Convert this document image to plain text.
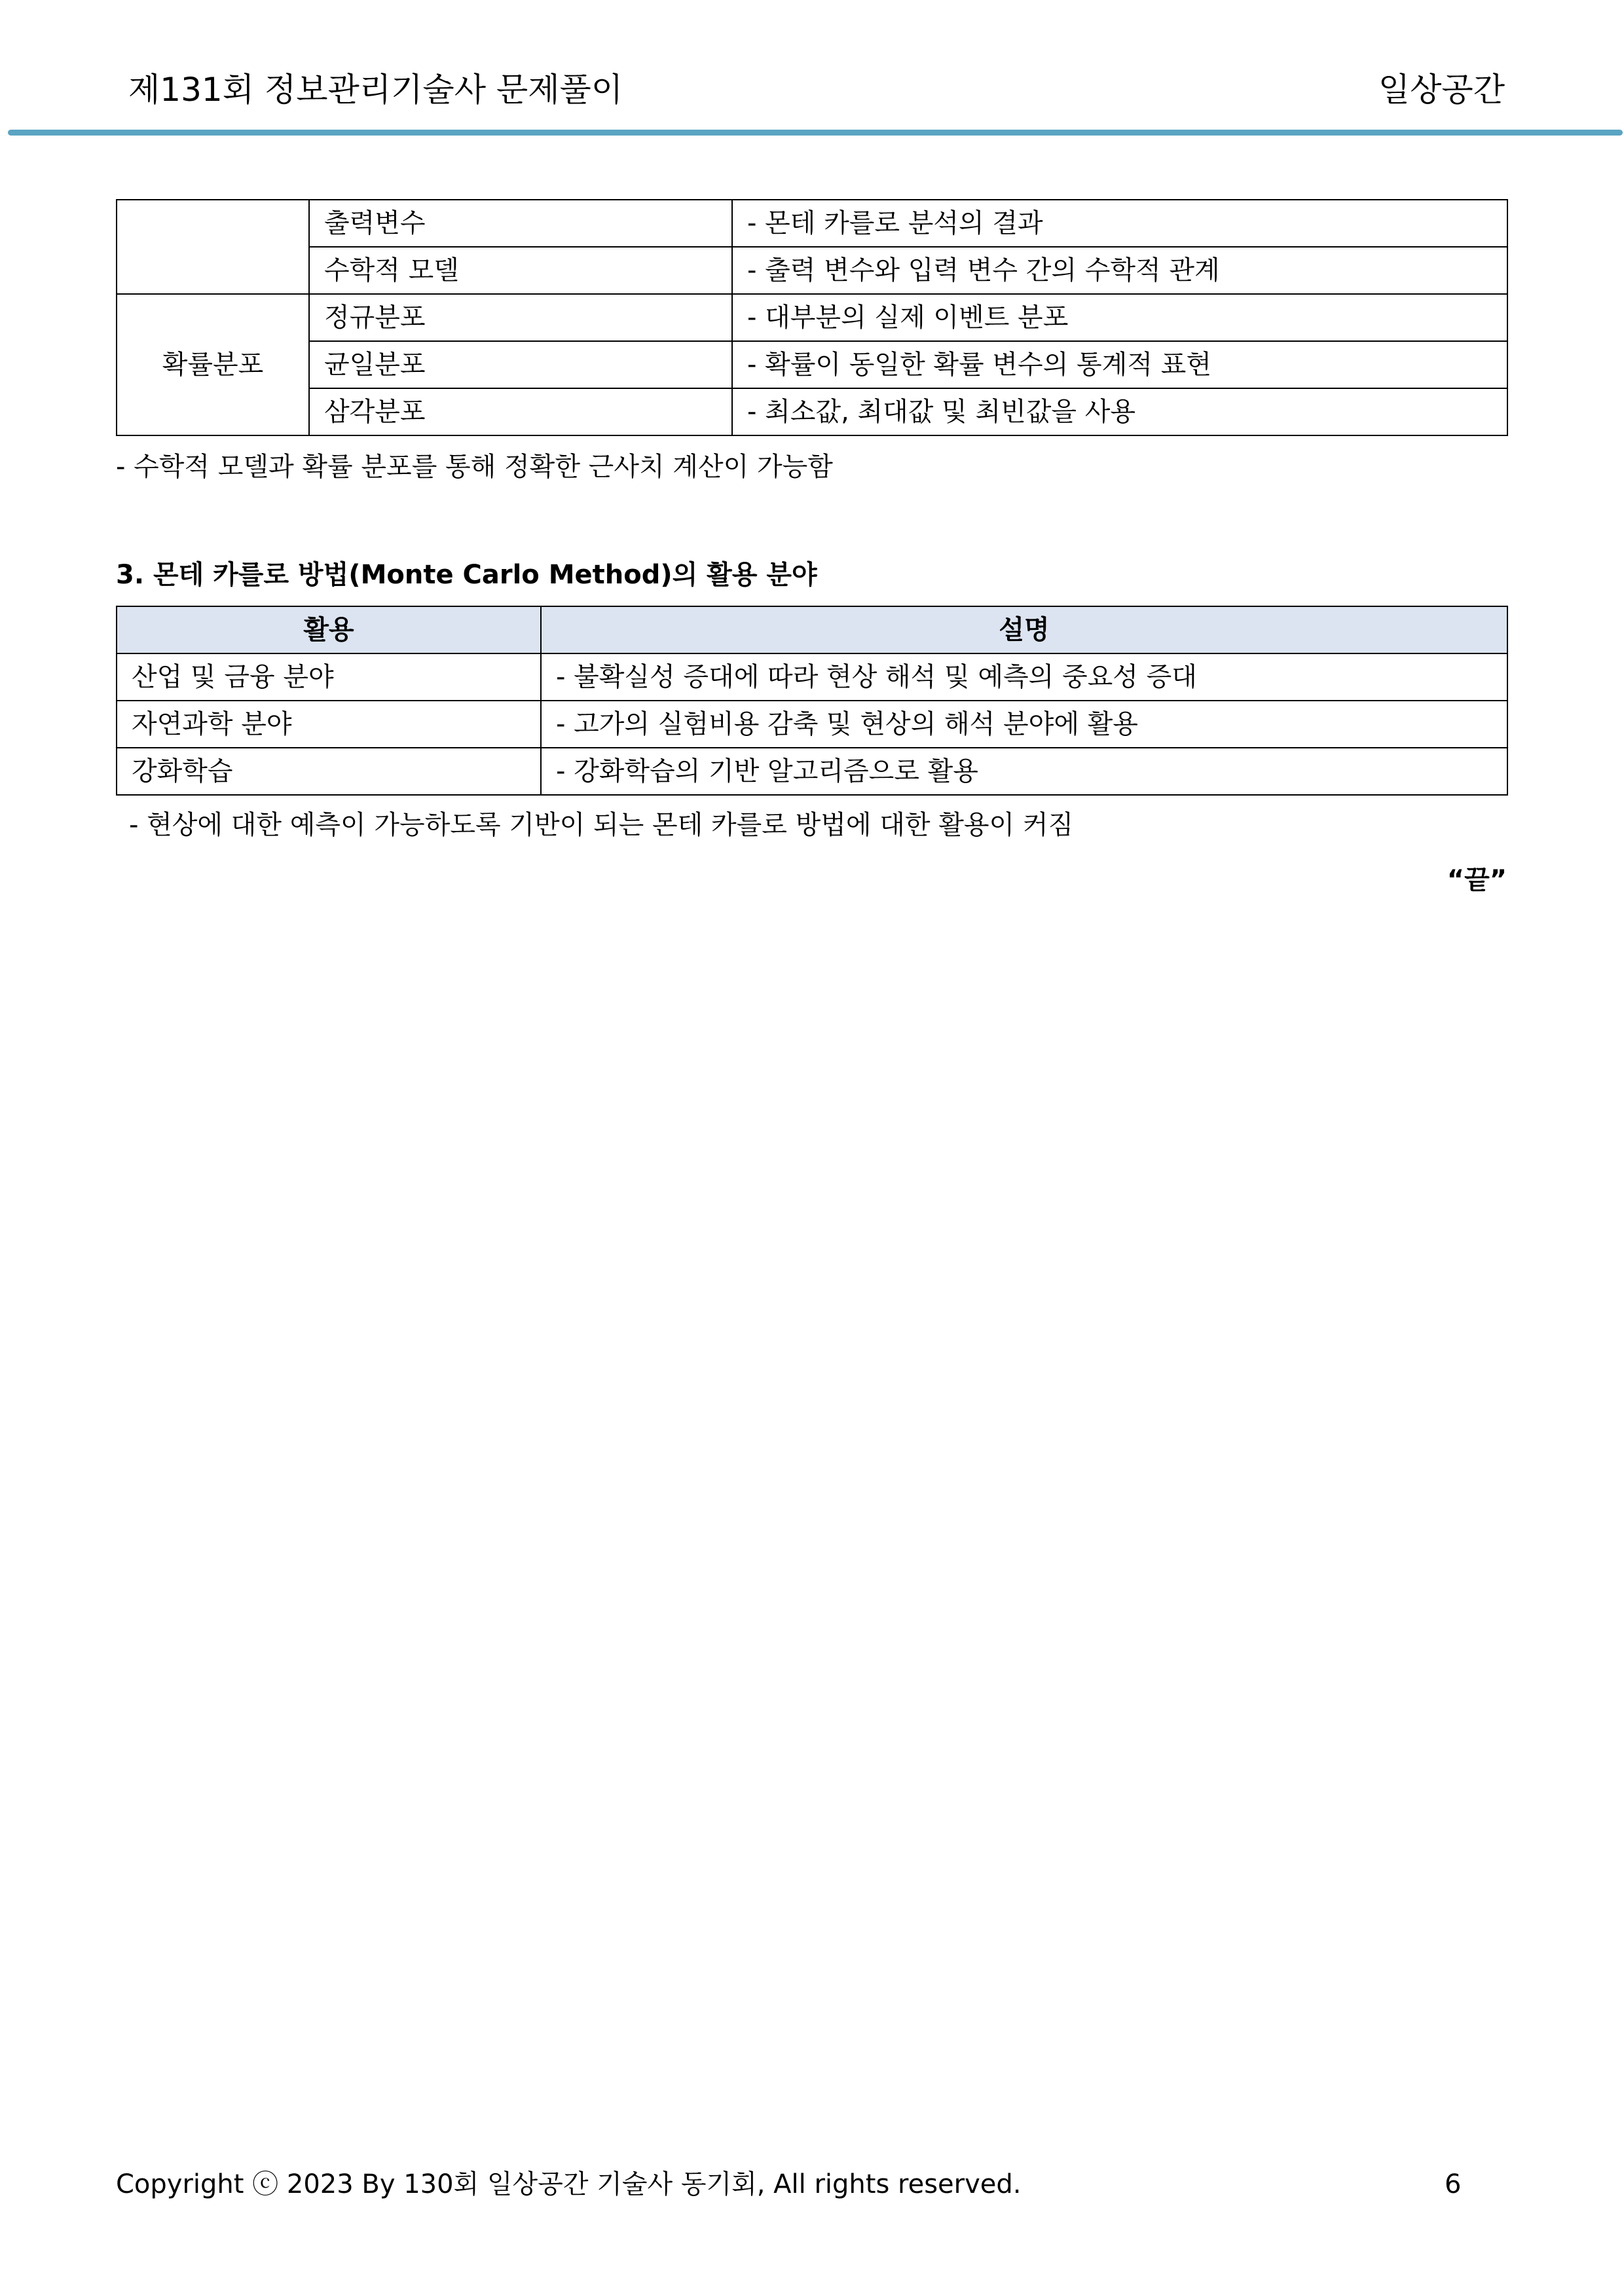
제131회 정보관리기술사 문제풀이	일상공간
	출력변수	- 몬테 카를로 분석의 결과
	수학적 모델	- 출력 변수와 입력 변수 간의 수학적 관계
확률분포	정규분포	- 대부분의 실제 이벤트 분포
	균일분포	- 확률이 동일한 확률 변수의 통계적 표현
	삼각분포	- 최소값, 최대값 및 최빈값을 사용
- 수학적 모델과 확률 분포를 통해 정확한 근사치 계산이 가능함
3. 몬테 카를로 방법(Monte Carlo Method)의 활용 분야
활용	설명
산업 및 금융 분야	- 불확실성 증대에 따라 현상 해석 및 예측의 중요성 증대
자연과학 분야	- 고가의 실험비용 감축 및 현상의 해석 분야에 활용
강화학습	- 강화학습의 기반 알고리즘으로 활용
- 현상에 대한 예측이 가능하도록 기반이 되는 몬테 카를로 방법에 대한 활용이 커짐
“끝”
Copyright ⓒ 2023 By 130회 일상공간 기술사 동기회, All rights reserved.	6
